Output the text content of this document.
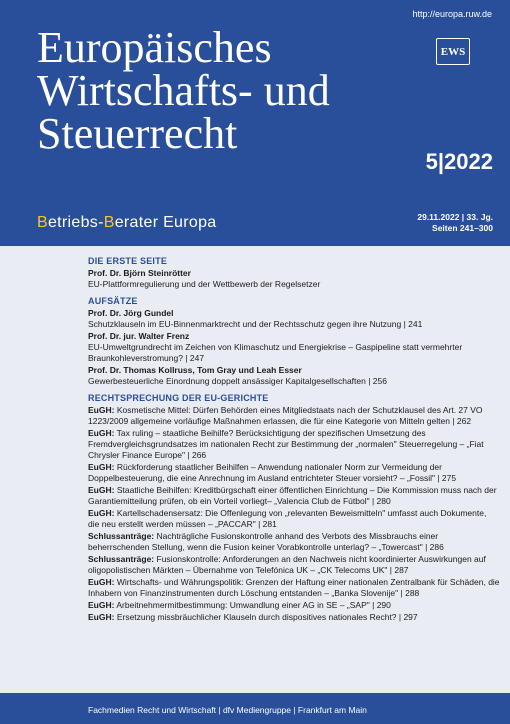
http://europa.ruw.de
Europäisches
Wirtschafts- und
Steuerrecht
EWS
5|2022
Betriebs-Berater Europa	29.11.2022 | 33. Jg.
Seiten 241–300
DIE ERSTE SEITE
Prof. Dr. Björn Steinrötter
EU-Plattformregulierung und der Wettbewerb der Regelsetzer
AUFSÄTZE
Prof. Dr. Jörg Gundel
Schutzklauseln im EU-Binnenmarktrecht und der Rechtsschutz gegen ihre Nutzung | 241
Prof. Dr. jur. Walter Frenz
EU-Umweltgrundrecht im Zeichen von Klimaschutz und Energiekrise – Gaspipeline statt vermehrter Braunkohleverstromung? | 247
Prof. Dr. Thomas Kollruss, Tom Gray und Leah Esser
Gewerbesteuerliche Einordnung doppelt ansässiger Kapitalgesellschaften | 256
RECHTSPRECHUNG DER EU-GERICHTE
EuGH: Kosmetische Mittel: Dürfen Behörden eines Mitgliedstaats nach der Schutzklausel des Art. 27 VO 1223/2009 allgemeine vorläufige Maßnahmen erlassen, die für eine Kategorie von Mitteln gelten | 262
EuGH: Tax ruling – staatliche Beihilfe? Berücksichtigung der spezifischen Umsetzung des Fremdvergleichsgrundsatzes im nationalen Recht zur Bestimmung der „normalen" Steuerregelung – „Fiat Chrysler Finance Europe" | 266
EuGH: Rückforderung staatlicher Beihilfen – Anwendung nationaler Norm zur Vermeidung der Doppelbesteuerung, die eine Anrechnung im Ausland entrichteter Steuer vorsieht? – „Fossil" | 275
EuGH: Staatliche Beihilfen: Kreditbürgschaft einer öffentlichen Einrichtung – Die Kommission muss nach der Garantiemitteilung prüfen, ob ein Vorteil vorliegt– „Valencia Club de Fútbol" | 280
EuGH: Kartellschadensersatz: Die Offenlegung von „relevanten Beweismitteln" umfasst auch Dokumente, die neu erstellt werden müssen – „PACCAR" | 281
Schlussanträge: Nachträgliche Fusionskontrolle anhand des Verbots des Missbrauchs einer beherrschenden Stellung, wenn die Fusion keiner Vorabkontrolle unterlag? – „Towercast" | 286
Schlussanträge: Fusionskontrolle: Anforderungen an den Nachweis nicht koordinierter Auswirkungen auf oligopolistischen Märkten – Übernahme von Telefónica UK – „CK Telecoms UK" | 287
EuGH: Wirtschafts- und Währungspolitik: Grenzen der Haftung einer nationalen Zentralbank für Schäden, die Inhabern von Finanzinstrumenten durch Löschung entstanden – „Banka Slovenije" | 288
EuGH: Arbeitnehmermitbestimmung: Umwandlung einer AG in SE – „SAP" | 290
EuGH: Ersetzung missbräuchlicher Klauseln durch dispositives nationales Recht? | 297
Fachmedien Recht und Wirtschaft | dfv Mediengruppe | Frankfurt am Main
